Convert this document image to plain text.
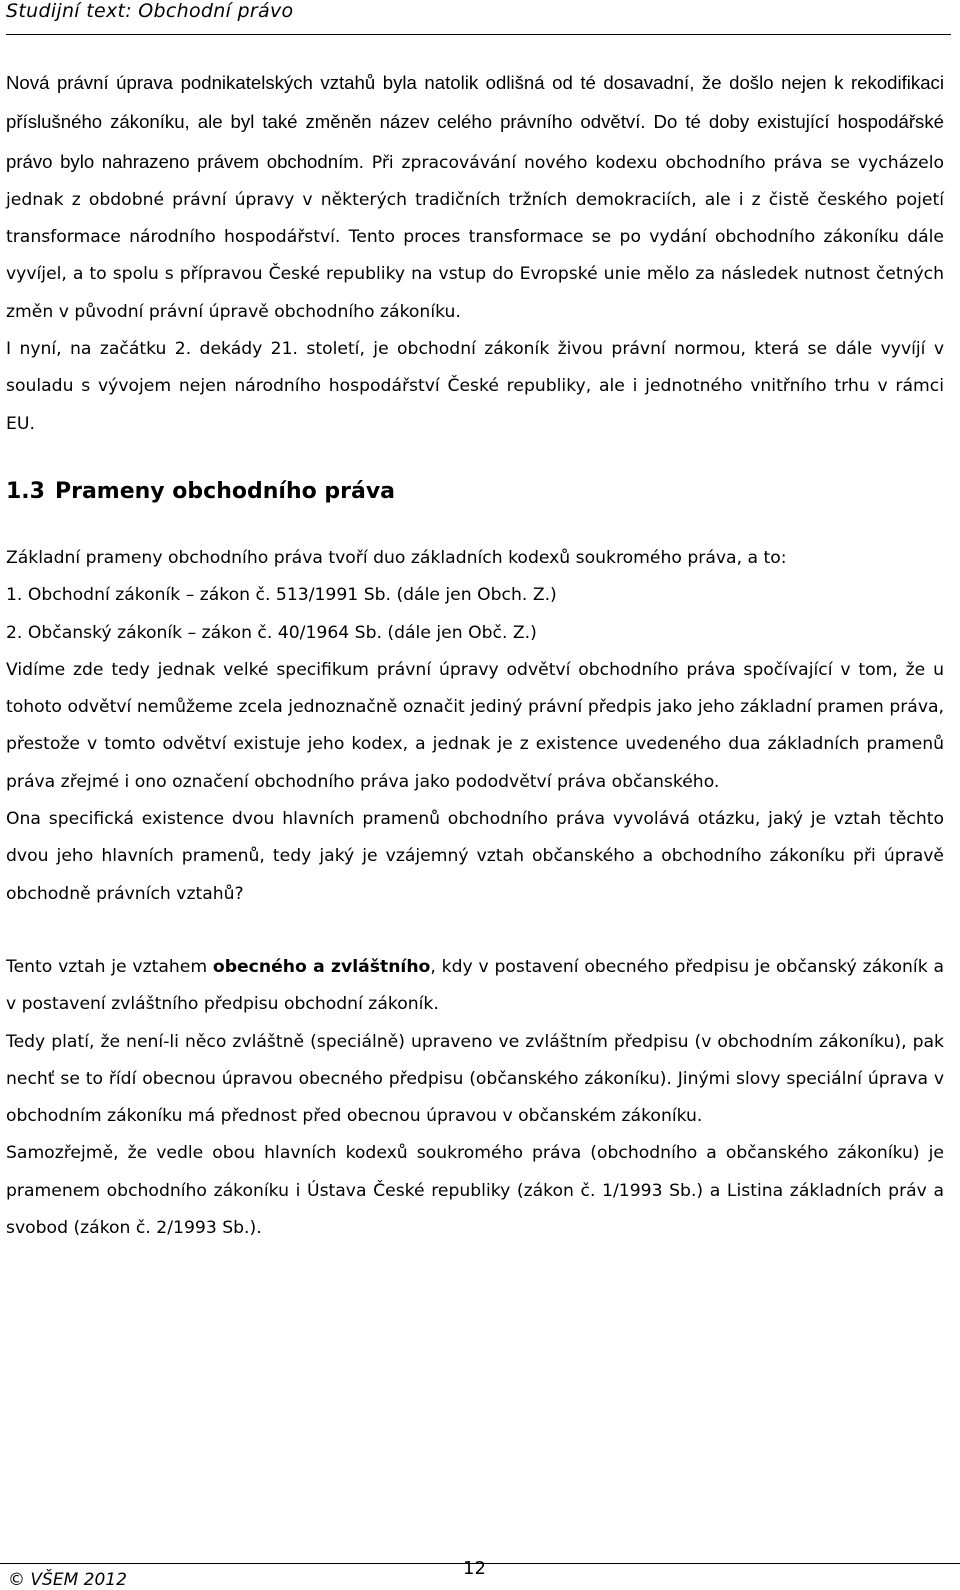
Studijní text: Obchodní právo

Nová právní úprava podnikatelských vztahů byla natolik odlišná od té dosavadní, že došlo nejen k rekodifikaci příslušného zákoníku, ale byl také změněn název celého právního odvětví. Do té doby existující hospodářské právo bylo nahrazeno právem obchodním. Při zpracovávání nového kodexu obchodního práva se vycházelo jednak z obdobné právní úpravy v některých tradičních tržních demokraciích, ale i z čistě českého pojetí transformace národního hospodářství. Tento proces transformace se po vydání obchodního zákoníku dále vyvíjel, a to spolu s přípravou České republiky na vstup do Evropské unie mělo za následek nutnost četných změn v původní právní úpravě obchodního zákoníku.

I nyní, na začátku 2. dekády 21. století, je obchodní zákoník živou právní normou, která se dále vyvíjí v souladu s vývojem nejen národního hospodářství České republiky, ale i jednotného vnitřního trhu v rámci EU.

1.3 Prameny obchodního práva

Základní prameny obchodního práva tvoří duo základních kodexů soukromého práva, a to:

1. Obchodní zákoník – zákon č. 513/1991 Sb. (dále jen Obch. Z.)
2. Občanský zákoník – zákon č. 40/1964 Sb. (dále jen Obč. Z.)

Vidíme zde tedy jednak velké specifikum právní úpravy odvětví obchodního práva spočívající v tom, že u tohoto odvětví nemůžeme zcela jednoznačně označit jediný právní předpis jako jeho základní pramen práva, přestože v tomto odvětví existuje jeho kodex, a jednak je z existence uvedeného dua základních pramenů práva zřejmé i ono označení obchodního práva jako pododvětví práva občanského.

Ona specifická existence dvou hlavních pramenů obchodního práva vyvolává otázku, jaký je vztah těchto dvou jeho hlavních pramenů, tedy jaký je vzájemný vztah občanského a obchodního zákoníku při úpravě obchodně právních vztahů?

Tento vztah je vztahem obecného a zvláštního, kdy v postavení obecného předpisu je občanský zákoník a v postavení zvláštního předpisu obchodní zákoník.

Tedy platí, že není-li něco zvláštně (speciálně) upraveno ve zvláštním předpisu (v obchodním zákoníku), pak nechť se to řídí obecnou úpravou obecného předpisu (občanského zákoníku). Jinými slovy speciální úprava v obchodním zákoníku má přednost před obecnou úpravou v občanském zákoníku.

Samozřejmě, že vedle obou hlavních kodexů soukromého práva (obchodního a občanského zákoníku) je pramenem obchodního zákoníku i Ústava České republiky (zákon č. 1/1993 Sb.) a Listina základních práv a svobod (zákon č. 2/1993 Sb.).

© VŠEM 2012
12
